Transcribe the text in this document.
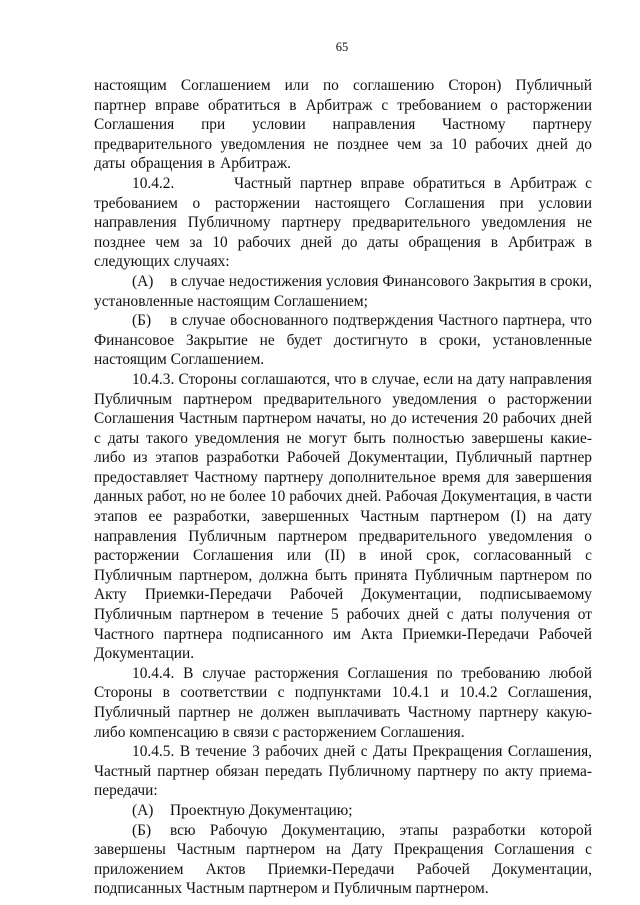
65

настоящим Соглашением или по соглашению Сторон) Публичный партнер вправе обратиться в Арбитраж с требованием о расторжении Соглашения при условии направления Частному партнеру предварительного уведомления не позднее чем за 10 рабочих дней до даты обращения в Арбитраж.

10.4.2.       Частный партнер вправе обратиться в Арбитраж с требованием о расторжении настоящего Соглашения при условии направления Публичному партнеру предварительного уведомления не позднее чем за 10 рабочих дней до даты обращения в Арбитраж в следующих случаях:

(А) в случае недостижения условия Финансового Закрытия в сроки, установленные настоящим Соглашением;

(Б) в случае обоснованного подтверждения Частного партнера, что Финансовое Закрытие не будет достигнуто в сроки, установленные настоящим Соглашением.

10.4.3. Стороны соглашаются, что в случае, если на дату направления Публичным партнером предварительного уведомления о расторжении Соглашения Частным партнером начаты, но до истечения 20 рабочих дней с даты такого уведомления не могут быть полностью завершены какие-либо из этапов разработки Рабочей Документации, Публичный партнер предоставляет Частному партнеру дополнительное время для завершения данных работ, но не более 10 рабочих дней. Рабочая Документация, в части этапов ее разработки, завершенных Частным партнером (I) на дату направления Публичным партнером предварительного уведомления о расторжении Соглашения или (II) в иной срок, согласованный с Публичным партнером, должна быть принята Публичным партнером по Акту Приемки-Передачи Рабочей Документации, подписываемому Публичным партнером в течение 5 рабочих дней с даты получения от Частного партнера подписанного им Акта Приемки-Передачи Рабочей Документации.

10.4.4. В случае расторжения Соглашения по требованию любой Стороны в соответствии с подпунктами 10.4.1 и 10.4.2 Соглашения, Публичный партнер не должен выплачивать Частному партнеру какую-либо компенсацию в связи с расторжением Соглашения.

10.4.5. В течение 3 рабочих дней с Даты Прекращения Соглашения, Частный партнер обязан передать Публичному партнеру по акту приема-передачи:

(А) Проектную Документацию;

(Б) всю Рабочую Документацию, этапы разработки которой завершены Частным партнером на Дату Прекращения Соглашения с приложением Актов Приемки-Передачи Рабочей Документации, подписанных Частным партнером и Публичным партнером.
